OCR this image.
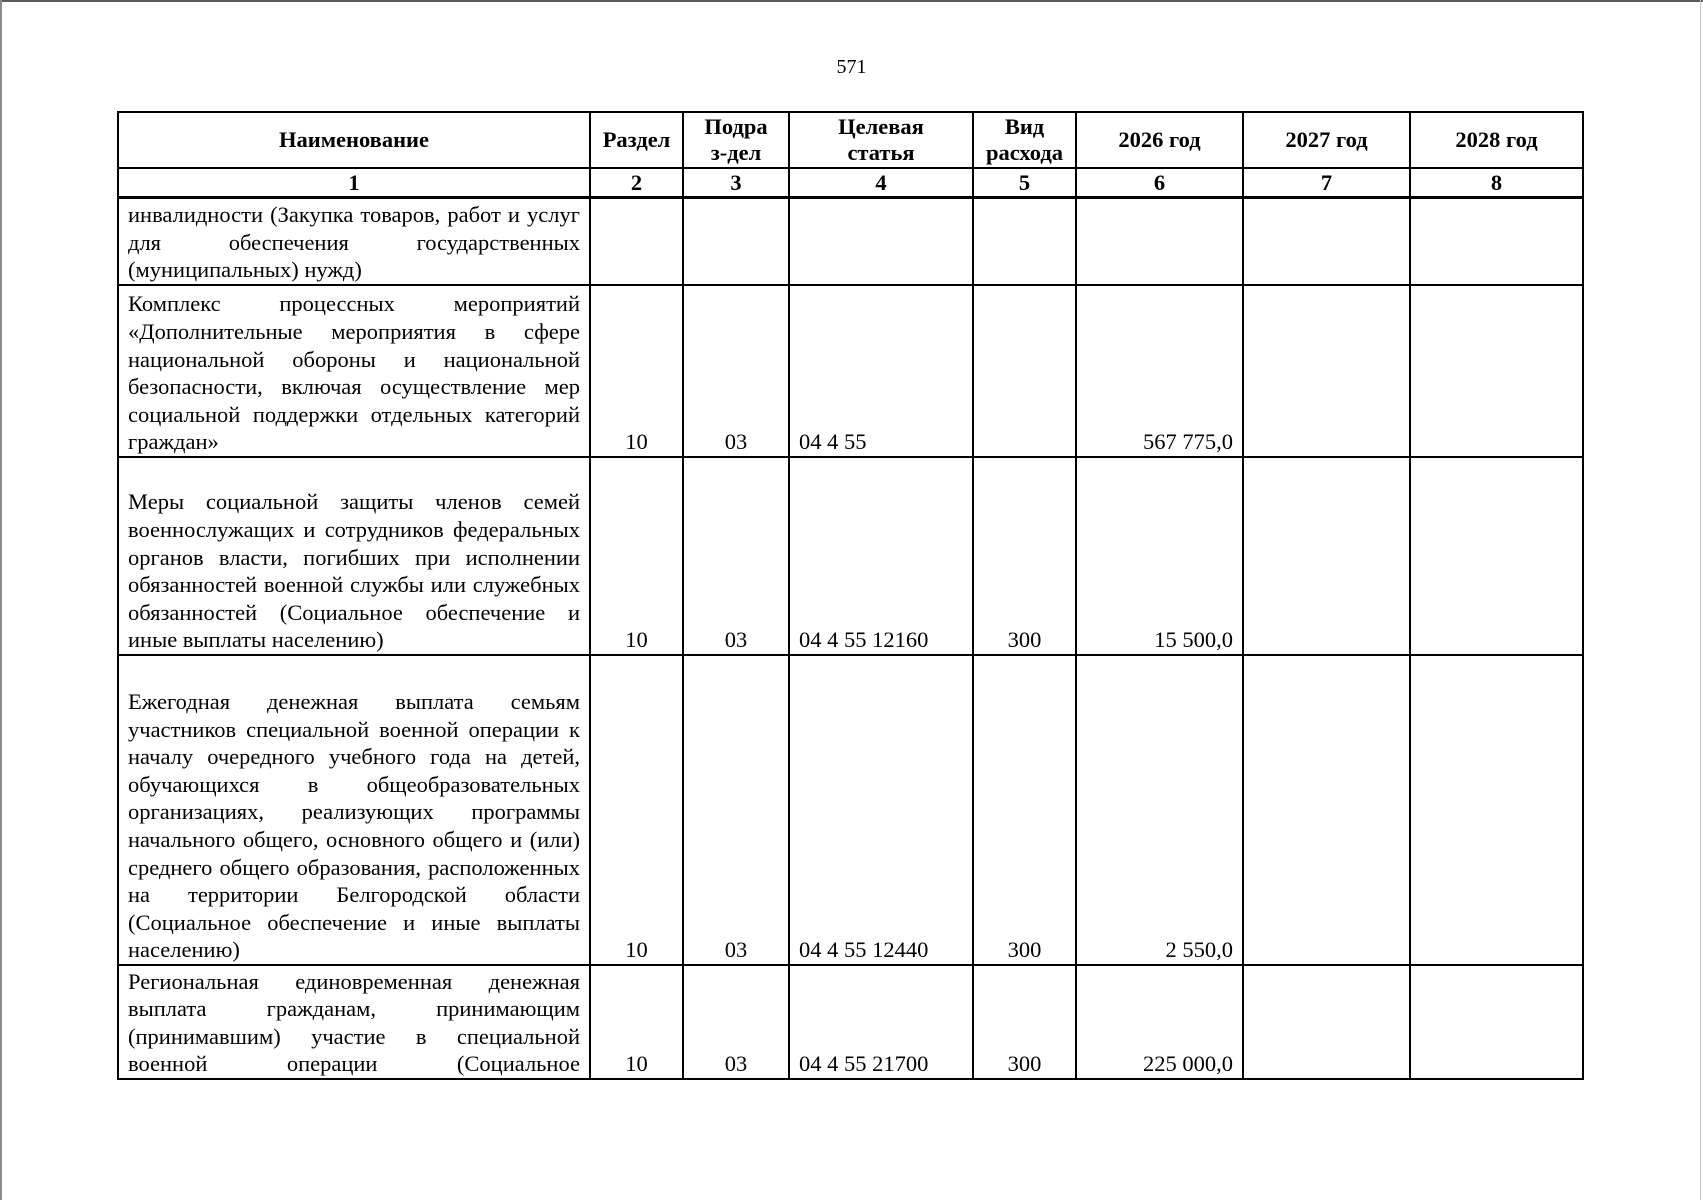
571
Наименование	Раздел	Подраз-дел	Целевая статья	Вид расхода	2026 год	2027 год	2028 год
1	2	3	4	5	6	7	8
инвалидности (Закупка товаров, работ и услуг для обеспечения государственных (муниципальных) нужд)							
Комплекс процессных мероприятий «Дополнительные мероприятия в сфере национальной обороны и национальной безопасности, включая осуществление мер социальной поддержки отдельных категорий граждан»	10	03	04 4 55		567 775,0		
Меры социальной защиты членов семей военнослужащих и сотрудников федеральных органов власти, погибших при исполнении обязанностей военной службы или служебных обязанностей (Социальное обеспечение и иные выплаты населению)	10	03	04 4 55 12160	300	15 500,0		
Ежегодная денежная выплата семьям участников специальной военной операции к началу очередного учебного года на детей, обучающихся в общеобразовательных организациях, реализующих программы начального общего, основного общего и (или) среднего общего образования, расположенных на территории Белгородской области (Социальное обеспечение и иные выплаты населению)	10	03	04 4 55 12440	300	2 550,0		
Региональная единовременная денежная выплата гражданам, принимающим (принимавшим) участие в специальной военной операции (Социальное	10	03	04 4 55 21700	300	225 000,0		
